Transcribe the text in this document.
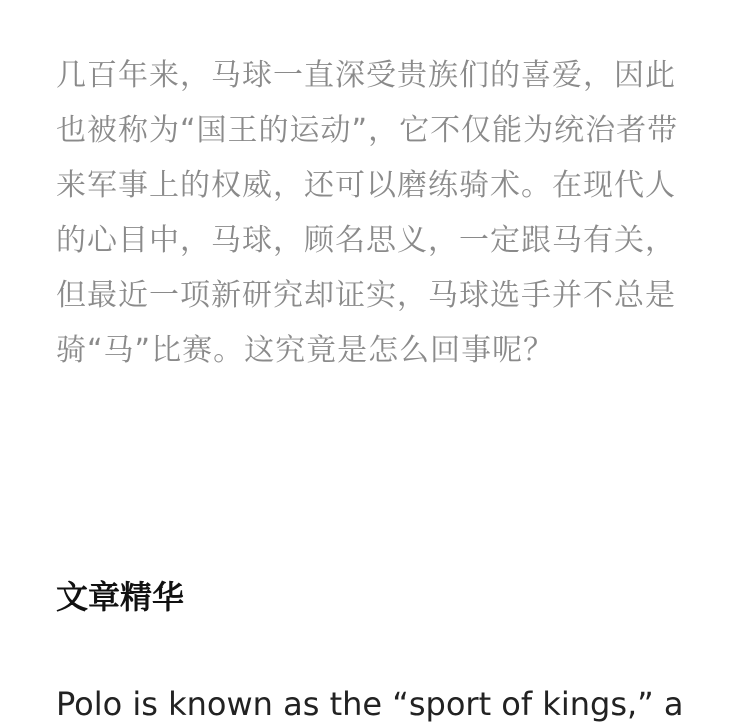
几百年来，马球一直深受贵族们的喜爱，因此也被称为“国王的运动”，它不仅能为统治者带来军事上的权威，还可以磨练骑术。在现代人的心目中，马球，顾名思义，一定跟马有关，但最近一项新研究却证实，马球选手并不总是骑“马”比赛。这究竟是怎么回事呢？

文章精华

Polo is known as the “sport of kings,” a
